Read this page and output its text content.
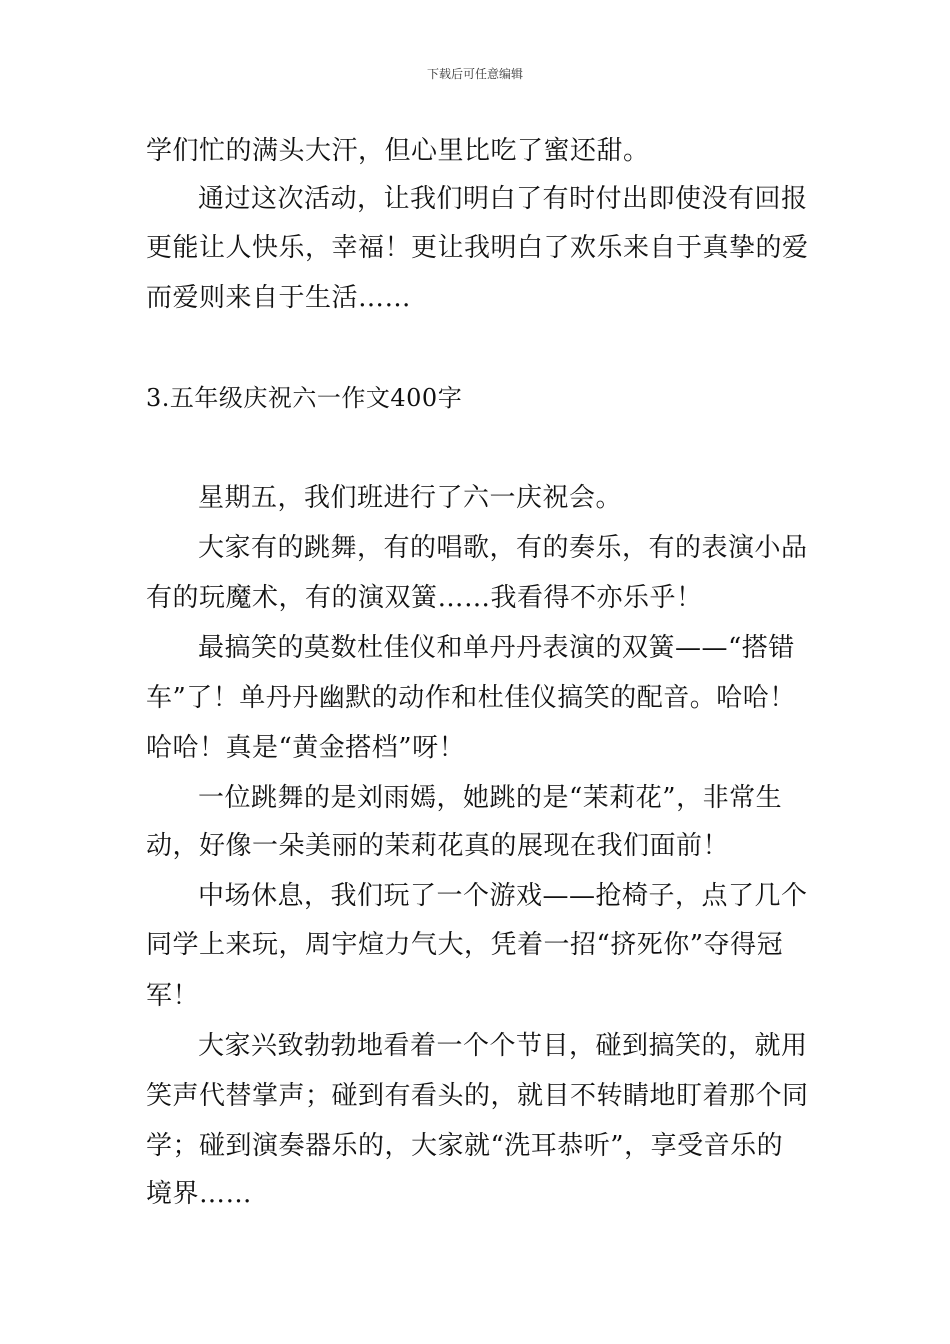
下载后可任意编辑
学们忙的满头大汗，但心里比吃了蜜还甜。
通过这次活动，让我们明白了有时付出即使没有回报
更能让人快乐，幸福！更让我明白了欢乐来自于真挚的爱
而爱则来自于生活……
3.五年级庆祝六一作文400字
星期五，我们班进行了六一庆祝会。
大家有的跳舞，有的唱歌，有的奏乐，有的表演小品
有的玩魔术，有的演双簧……我看得不亦乐乎！
最搞笑的莫数杜佳仪和单丹丹表演的双簧——“搭错
车”了！单丹丹幽默的动作和杜佳仪搞笑的配音。哈哈！
哈哈！真是“黄金搭档”呀！
一位跳舞的是刘雨嫣，她跳的是“茉莉花”，非常生
动，好像一朵美丽的茉莉花真的展现在我们面前！
中场休息，我们玩了一个游戏——抢椅子，点了几个
同学上来玩，周宇煊力气大，凭着一招“挤死你”夺得冠
军！
大家兴致勃勃地看着一个个节目，碰到搞笑的，就用
笑声代替掌声；碰到有看头的，就目不转睛地盯着那个同
学；碰到演奏器乐的，大家就“洗耳恭听”，享受音乐的
境界……
